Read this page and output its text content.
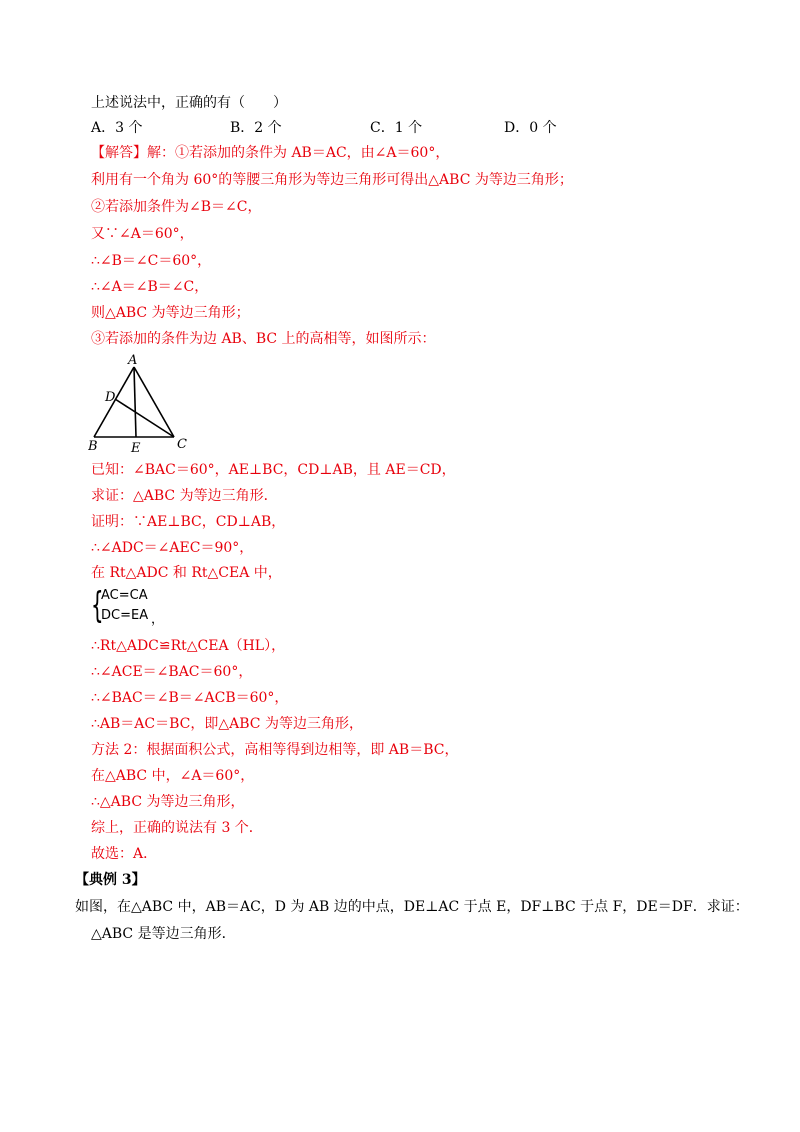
上述说法中，正确的有（　　）
A．3 个	B．2 个	C．1 个	D．0 个
【解答】解：①若添加的条件为 AB＝AC，由∠A＝60°，
利用有一个角为 60°的等腰三角形为等边三角形可得出△ABC 为等边三角形；
②若添加条件为∠B＝∠C，
又∵∠A＝60°，
∴∠B＝∠C＝60°，
∴∠A＝∠B＝∠C，
则△ABC 为等边三角形；
③若添加的条件为边 AB、BC 上的高相等，如图所示：
A
D
B	E	C
已知：∠BAC＝60°，AE⊥BC，CD⊥AB，且 AE＝CD，
求证：△ABC 为等边三角形．
证明：∵AE⊥BC，CD⊥AB，
∴∠ADC＝∠AEC＝90°，
在 Rt△ADC 和 Rt△CEA 中，
{
AC=CA
DC=EA ，
∴Rt△ADC≌Rt△CEA（HL），
∴∠ACE＝∠BAC＝60°，
∴∠BAC＝∠B＝∠ACB＝60°，
∴AB＝AC＝BC，即△ABC 为等边三角形，
方法 2：根据面积公式，高相等得到边相等，即 AB＝BC，
在△ABC 中，∠A＝60°，
∴△ABC 为等边三角形，
综上，正确的说法有 3 个．
故选：A．
【典例 3】
如图，在△ABC 中，AB＝AC，D 为 AB 边的中点，DE⊥AC 于点 E，DF⊥BC 于点 F，DE＝DF．求证：
△ABC 是等边三角形．
